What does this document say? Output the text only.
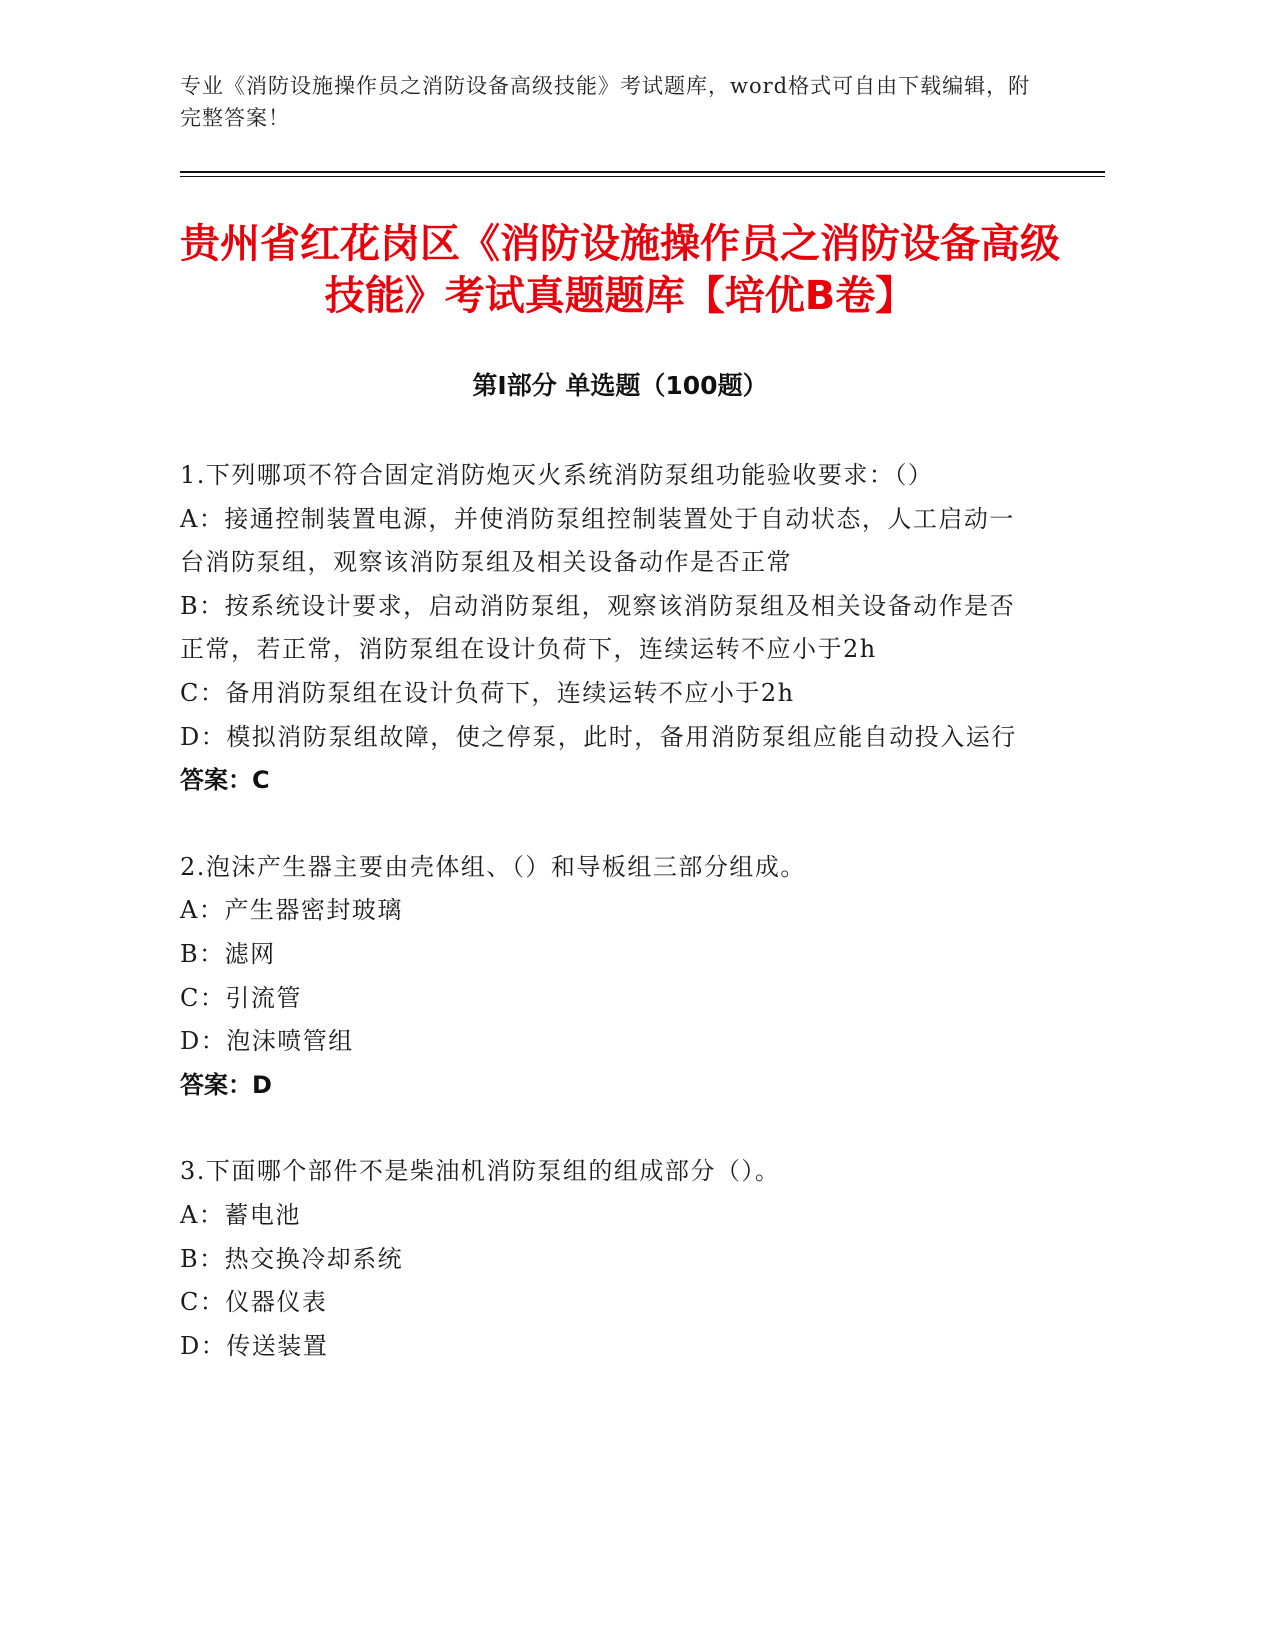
专业《消防设施操作员之消防设备高级技能》考试题库，word格式可自由下载编辑，附完整答案！
贵州省红花岗区《消防设施操作员之消防设备高级技能》考试真题题库【培优B卷】
第I部分 单选题（100题）

1.下列哪项不符合固定消防炮灭火系统消防泵组功能验收要求：（）

A：接通控制装置电源，并使消防泵组控制装置处于自动状态，人工启动一台消防泵组，观察该消防泵组及相关设备动作是否正常

B：按系统设计要求，启动消防泵组，观察该消防泵组及相关设备动作是否正常，若正常，消防泵组在设计负荷下，连续运转不应小于2h

C：备用消防泵组在设计负荷下，连续运转不应小于2h

D：模拟消防泵组故障，使之停泵，此时，备用消防泵组应能自动投入运行

答案：C

2.泡沫产生器主要由壳体组、（）和导板组三部分组成。

A：产生器密封玻璃

B：滤网

C：引流管

D：泡沫喷管组

答案：D

3.下面哪个部件不是柴油机消防泵组的组成部分（）。

A：蓄电池

B：热交换冷却系统

C：仪器仪表

D：传送装置
